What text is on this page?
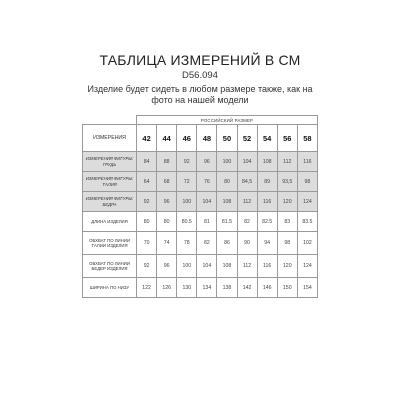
ТАБЛИЦА ИЗМЕРЕНИЙ В СМ
D56.094
Изделие будет сидеть в любом размере также, как на фото на нашей модели
	РОССИЙСКИЙ РАЗМЕР								
ИЗМЕРЕНИЯ	42	44	46	48	50	52	54	56	58
ИЗМЕРЕНИЯ ФИГУРЫ: ГРУДЬ	84	88	92	96	100	104	108	112	116
ИЗМЕРЕНИЯ ФИГУРЫ: ТАЛИЯ	64	68	72	76	80	84,5	89	93,5	98
ИЗМЕРЕНИЯ ФИГУРЫ: БЕДРА	92	96	100	104	108	112	116	120	124
ДЛИНА ИЗДЕЛИЯ	80	80	80.5	81	81.5	82	82.5	83	83.5
ОБХВАТ ПО ЛИНИИ ТАЛИИ ИЗДЕЛИЯ	70	74	78	82	86	90	94	98	102
ОБХВАТ ПО ЛИНИИ БЕДЕР ИЗДЕЛИЯ	92	96	100	104	108	112	116	120	124
ШИРИНА ПО НИЗУ	122	126	130	134	138	142	146	150	154
